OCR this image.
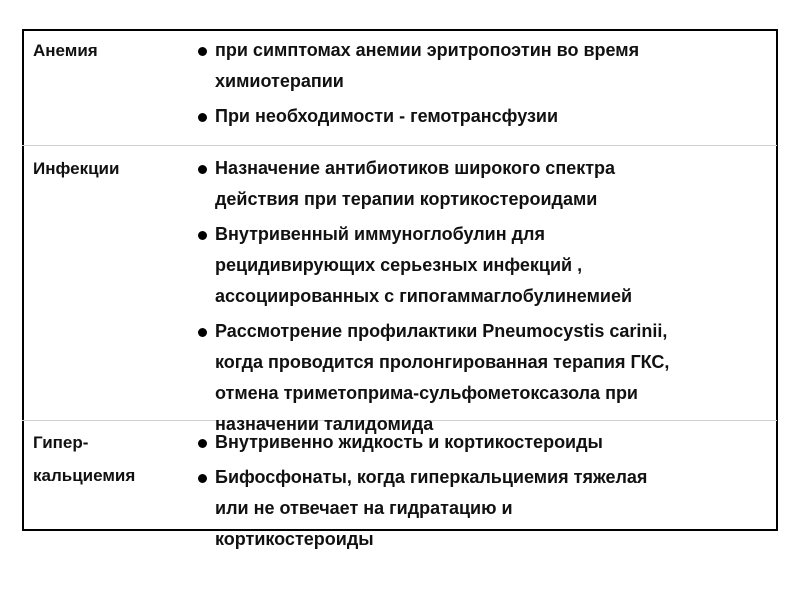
Анемия	при симптомах анемии эритропоэтин во время
химиотерапии
При необходимости - гемотрансфузии
Инфекции	Назначение антибиотиков широкого спектра
действия при терапии кортикостероидами
Внутривенный иммуноглобулин для
рецидивирующих серьезных инфекций ,
ассоциированных с гипогаммаглобулинемией
Рассмотрение профилактики Pneumocystis carinii,
когда проводится пролонгированная терапия ГКС,
отмена триметоприма-сульфометоксазола при
назначении талидомида
Гипер-
кальциемия
Внутривенно жидкость и кортикостероиды
Бифосфонаты, когда гиперкальциемия тяжелая
или не отвечает на гидратацию и
кортикостероиды
